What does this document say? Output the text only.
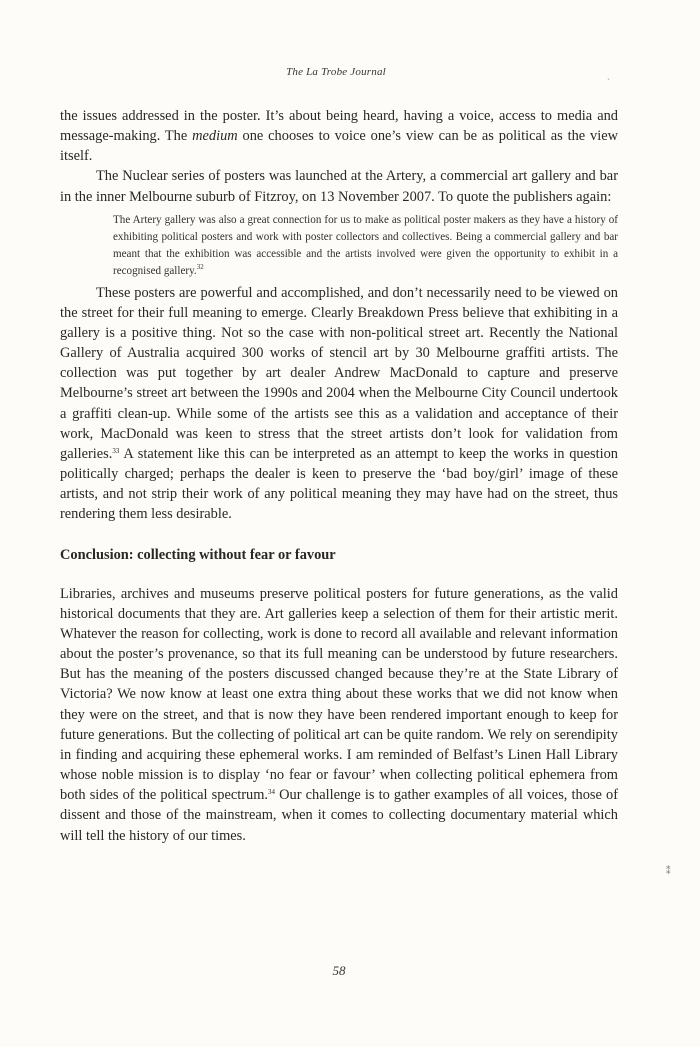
The La Trobe Journal	ˎ

the issues addressed in the poster. It’s about being heard, having a voice, access to media and message-making. The medium one chooses to voice one’s view can be as political as the view itself.

The Nuclear series of posters was launched at the Artery, a commercial art gallery and bar in the inner Melbourne suburb of Fitzroy, on 13 November 2007. To quote the publishers again:

The Artery gallery was also a great connection for us to make as political poster makers as they have a history of exhibiting political posters and work with poster collectors and collectives. Being a commercial gallery and bar meant that the exhibition was accessible and the artists involved were given the opportunity to exhibit in a recognised gallery.$^{32}$

These posters are powerful and accomplished, and don’t necessarily need to be viewed on the street for their full meaning to emerge. Clearly Breakdown Press believe that exhibiting in a gallery is a positive thing. Not so the case with non-political street art. Recently the National Gallery of Australia acquired 300 works of stencil art by 30 Melbourne graffiti artists. The collection was put together by art dealer Andrew MacDonald to capture and preserve Melbourne’s street art between the 1990s and 2004 when the Melbourne City Council undertook a graffiti clean-up. While some of the artists see this as a validation and acceptance of their work, MacDonald was keen to stress that the street artists don’t look for validation from galleries.$^{33}$ A statement like this can be interpreted as an attempt to keep the works in question politically charged; perhaps the dealer is keen to preserve the ‘bad boy/girl’ image of these artists, and not strip their work of any political meaning they may have had on the street, thus rendering them less desirable.

Conclusion: collecting without fear or favour

Libraries, archives and museums preserve political posters for future generations, as the valid historical documents that they are. Art galleries keep a selection of them for their artistic merit. Whatever the reason for collecting, work is done to record all available and relevant information about the poster’s provenance, so that its full meaning can be understood by future researchers. But has the meaning of the posters discussed changed because they’re at the State Library of Victoria? We now know at least one extra thing about these works that we did not know when they were on the street, and that is now they have been rendered important enough to keep for future generations. But the collecting of political art can be quite random. We rely on serendipity in finding and acquiring these ephemeral works. I am reminded of Belfast’s Linen Hall Library whose noble mission is to display ‘no fear or favour’ when collecting political ephemera from both sides of the political spectrum.$^{34}$ Our challenge is to gather examples of all voices, those of dissent and those of the mainstream, when it comes to collecting documentary material which will tell the history of our times.

⁑
58
